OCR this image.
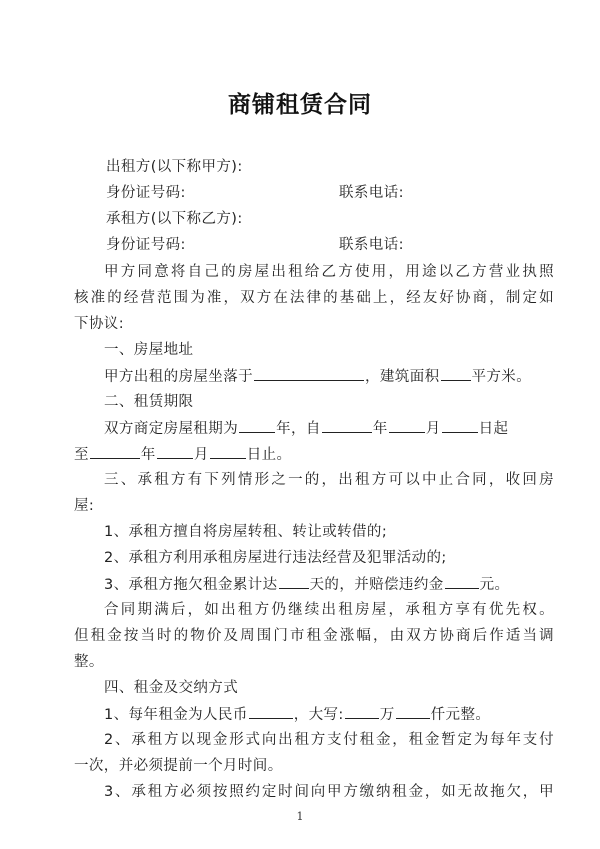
商铺租赁合同
出租方(以下称甲方):
身份证号码:	联系电话:
承租方(以下称乙方):
身份证号码:	联系电话:
甲方同意将自己的房屋出租给乙方使用，用途以乙方营业执照
核准的经营范围为准，双方在法律的基础上，经友好协商，制定如
下协议:
一、房屋地址
甲方出租的房屋坐落于	，建筑面积 平方米。
二、租赁期限
双方商定房屋租期为	年，自	年	月	日起
至	年	月	日止。
三、承租方有下列情形之一的，出租方可以中止合同，收回房
屋:
1、承租方擅自将房屋转租、转让或转借的;
2、承租方利用承租房屋进行违法经营及犯罪活动的;
3、承租方拖欠租金累计达 天的，并赔偿违约金 元。
合同期满后，如出租方仍继续出租房屋，承租方享有优先权。
但租金按当时的物价及周围门市租金涨幅，由双方协商后作适当调
整。
四、租金及交纳方式
1、每年租金为人民币	，大写: 万 仟元整。
2、承租方以现金形式向出租方支付租金，租金暂定为每年支付
一次，并必须提前一个月时间。
3、承租方必须按照约定时间向甲方缴纳租金，如无故拖欠，甲
1
